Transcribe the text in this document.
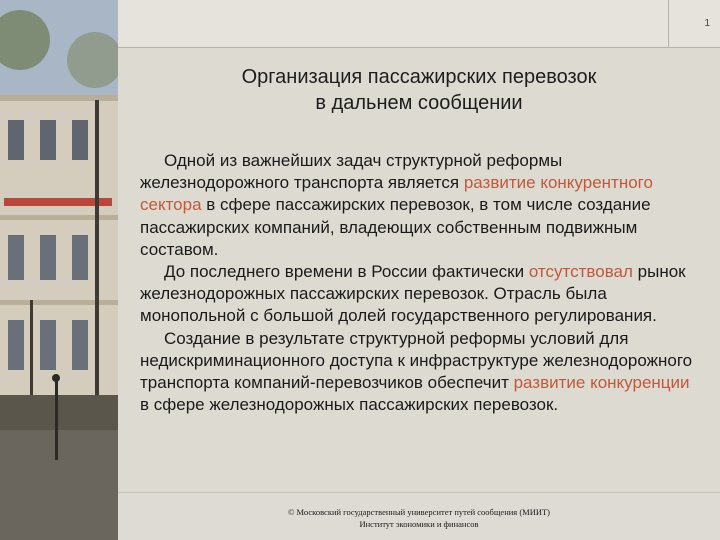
1
Организация пассажирских перевозок
в дальнем сообщении

Одной из важнейших задач структурной реформы железнодорожного транспорта является развитие конкурентного сектора в сфере пассажирских перевозок, в том числе создание пассажирских компаний, владеющих собственным подвижным составом.

До последнего времени в России фактически отсутствовал рынок железнодорожных пассажирских перевозок. Отрасль была монопольной с большой долей государственного регулирования.

Создание в результате структурной реформы условий для недискриминационного доступа к инфраструктуре железнодорожного транспорта компаний-перевозчиков обеспечит развитие конкуренции в сфере железнодорожных пассажирских перевозок.

© Московский государственный университет путей сообщения (МИИТ)
Институт экономики и финансов
